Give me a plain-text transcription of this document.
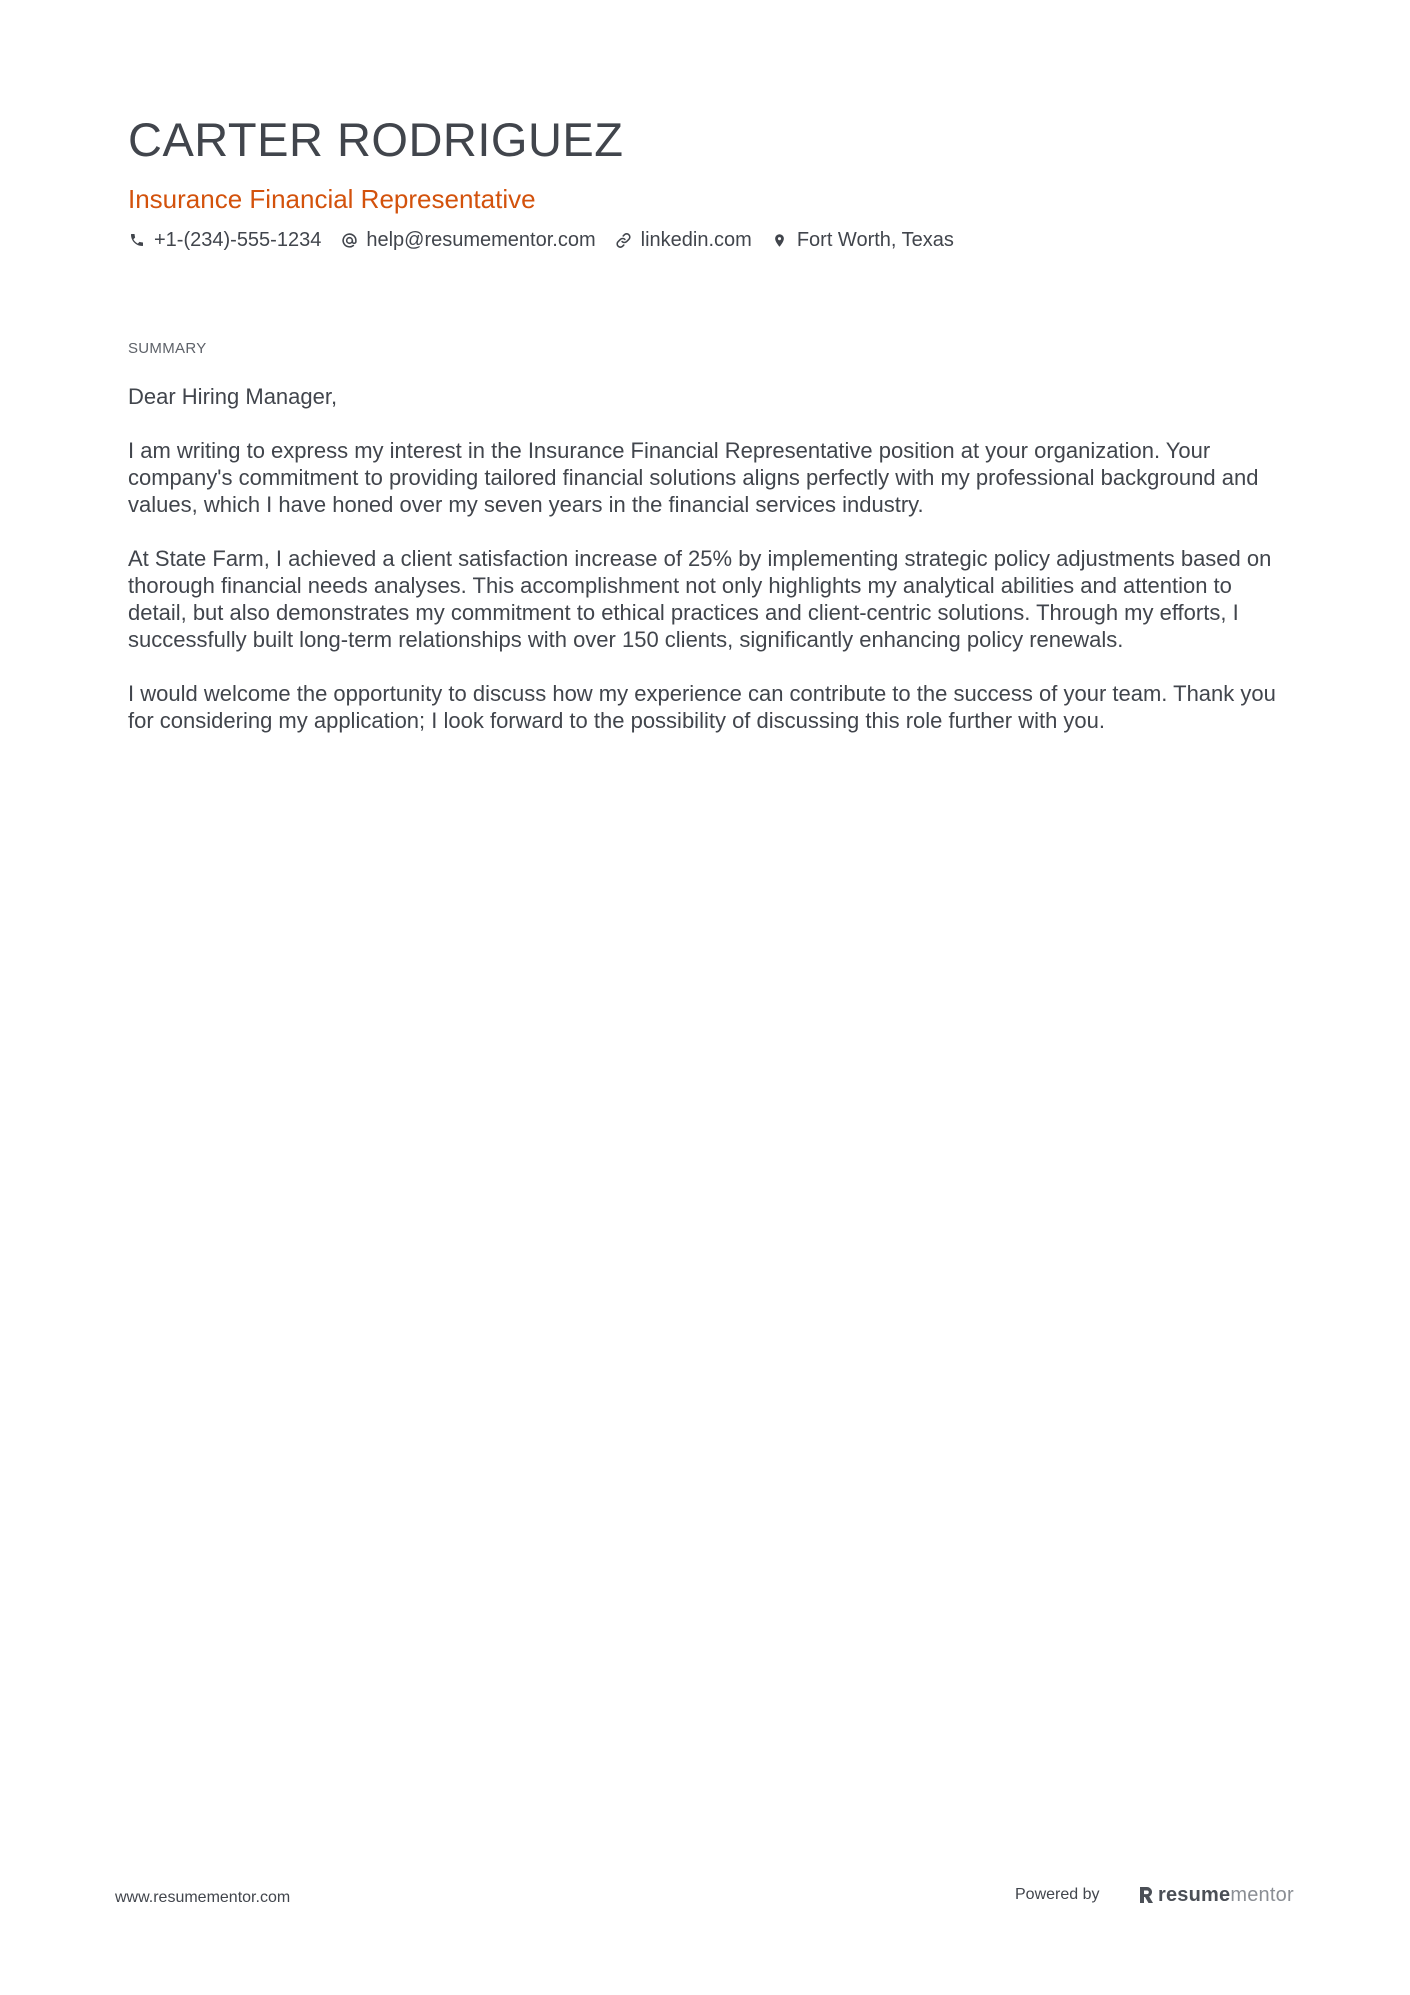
CARTER RODRIGUEZ
Insurance Financial Representative
+1-(234)-555-1234 help@resumementor.com linkedin.com Fort Worth, Texas
SUMMARY

Dear Hiring Manager,

I am writing to express my interest in the Insurance Financial Representative position at your organization. Your company's commitment to providing tailored financial solutions aligns perfectly with my professional background and values, which I have honed over my seven years in the financial services industry.

At State Farm, I achieved a client satisfaction increase of 25% by implementing strategic policy adjustments based on thorough financial needs analyses. This accomplishment not only highlights my analytical abilities and attention to detail, but also demonstrates my commitment to ethical practices and client-centric solutions. Through my efforts, I successfully built long-term relationships with over 150 clients, significantly enhancing policy renewals.

I would welcome the opportunity to discuss how my experience can contribute to the success of your team. Thank you for considering my application; I look forward to the possibility of discussing this role further with you.

www.resumementor.com	Powered by	resumementor
